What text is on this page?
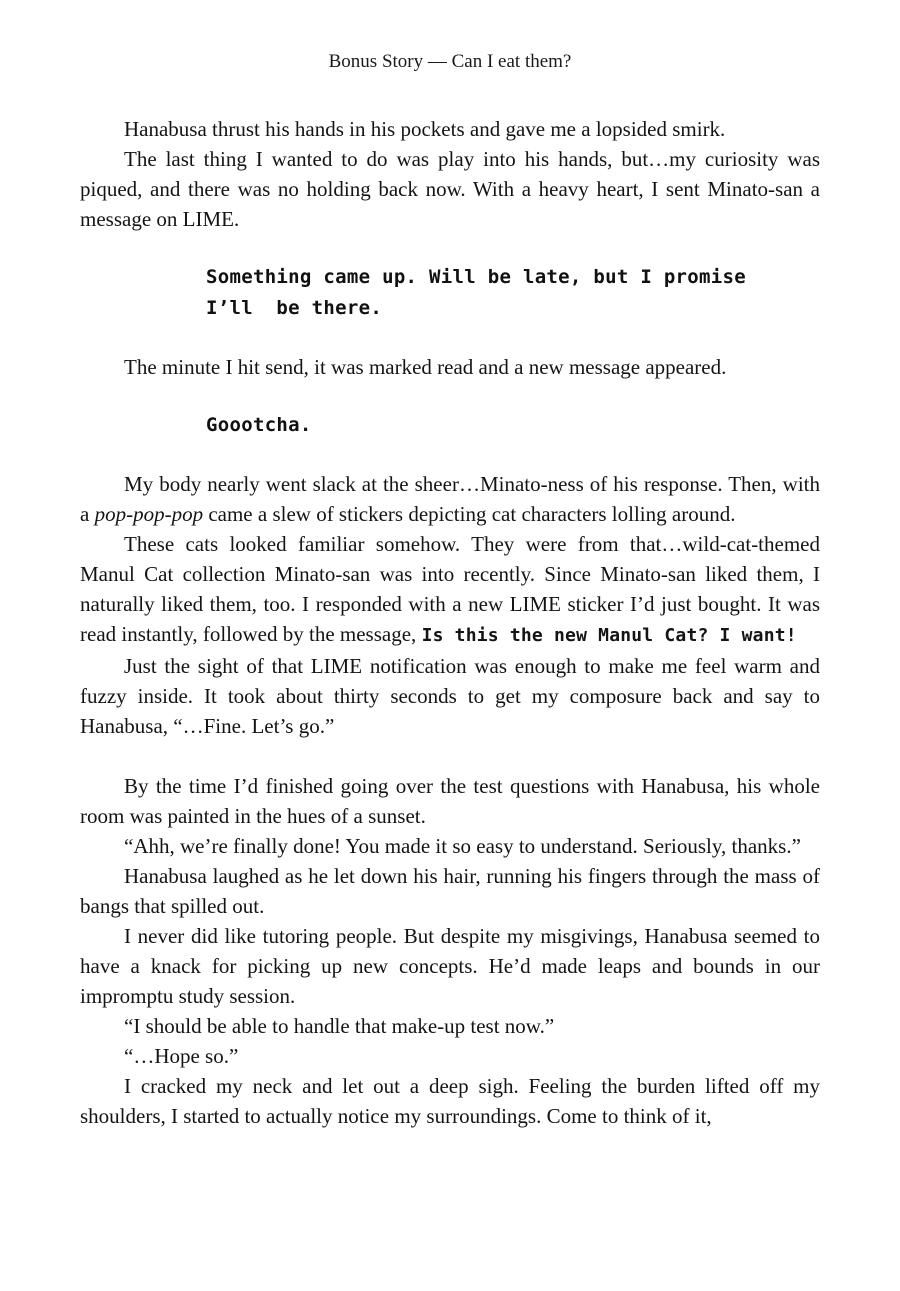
Bonus Story — Can I eat them?

Hanabusa thrust his hands in his pockets and gave me a lopsided smirk.

The last thing I wanted to do was play into his hands, but…my curiosity was piqued, and there was no holding back now. With a heavy heart, I sent Minato-san a message on LIME.

Something came up. Will be late, but I promise
I’ll  be there.

The minute I hit send, it was marked read and a new message appeared.

Goootcha.

My body nearly went slack at the sheer…Minato-ness of his response. Then, with a pop-pop-pop came a slew of stickers depicting cat characters lolling around.

These cats looked familiar somehow. They were from that…wild-cat-themed Manul Cat collection Minato-san was into recently. Since Minato-san liked them, I naturally liked them, too. I responded with a new LIME sticker I’d just bought. It was read instantly, followed by the message, Is this the new Manul Cat? I want!

Just the sight of that LIME notification was enough to make me feel warm and fuzzy inside. It took about thirty seconds to get my composure back and say to Hanabusa, “…Fine. Let’s go.”

By the time I’d finished going over the test questions with Hanabusa, his whole room was painted in the hues of a sunset.

“Ahh, we’re finally done! You made it so easy to understand. Seriously, thanks.”

Hanabusa laughed as he let down his hair, running his fingers through the mass of bangs that spilled out.

I never did like tutoring people. But despite my misgivings, Hanabusa seemed to have a knack for picking up new concepts. He’d made leaps and bounds in our impromptu study session.

“I should be able to handle that make-up test now.”

“…Hope so.”

I cracked my neck and let out a deep sigh. Feeling the burden lifted off my shoulders, I started to actually notice my surroundings. Come to think of it,
